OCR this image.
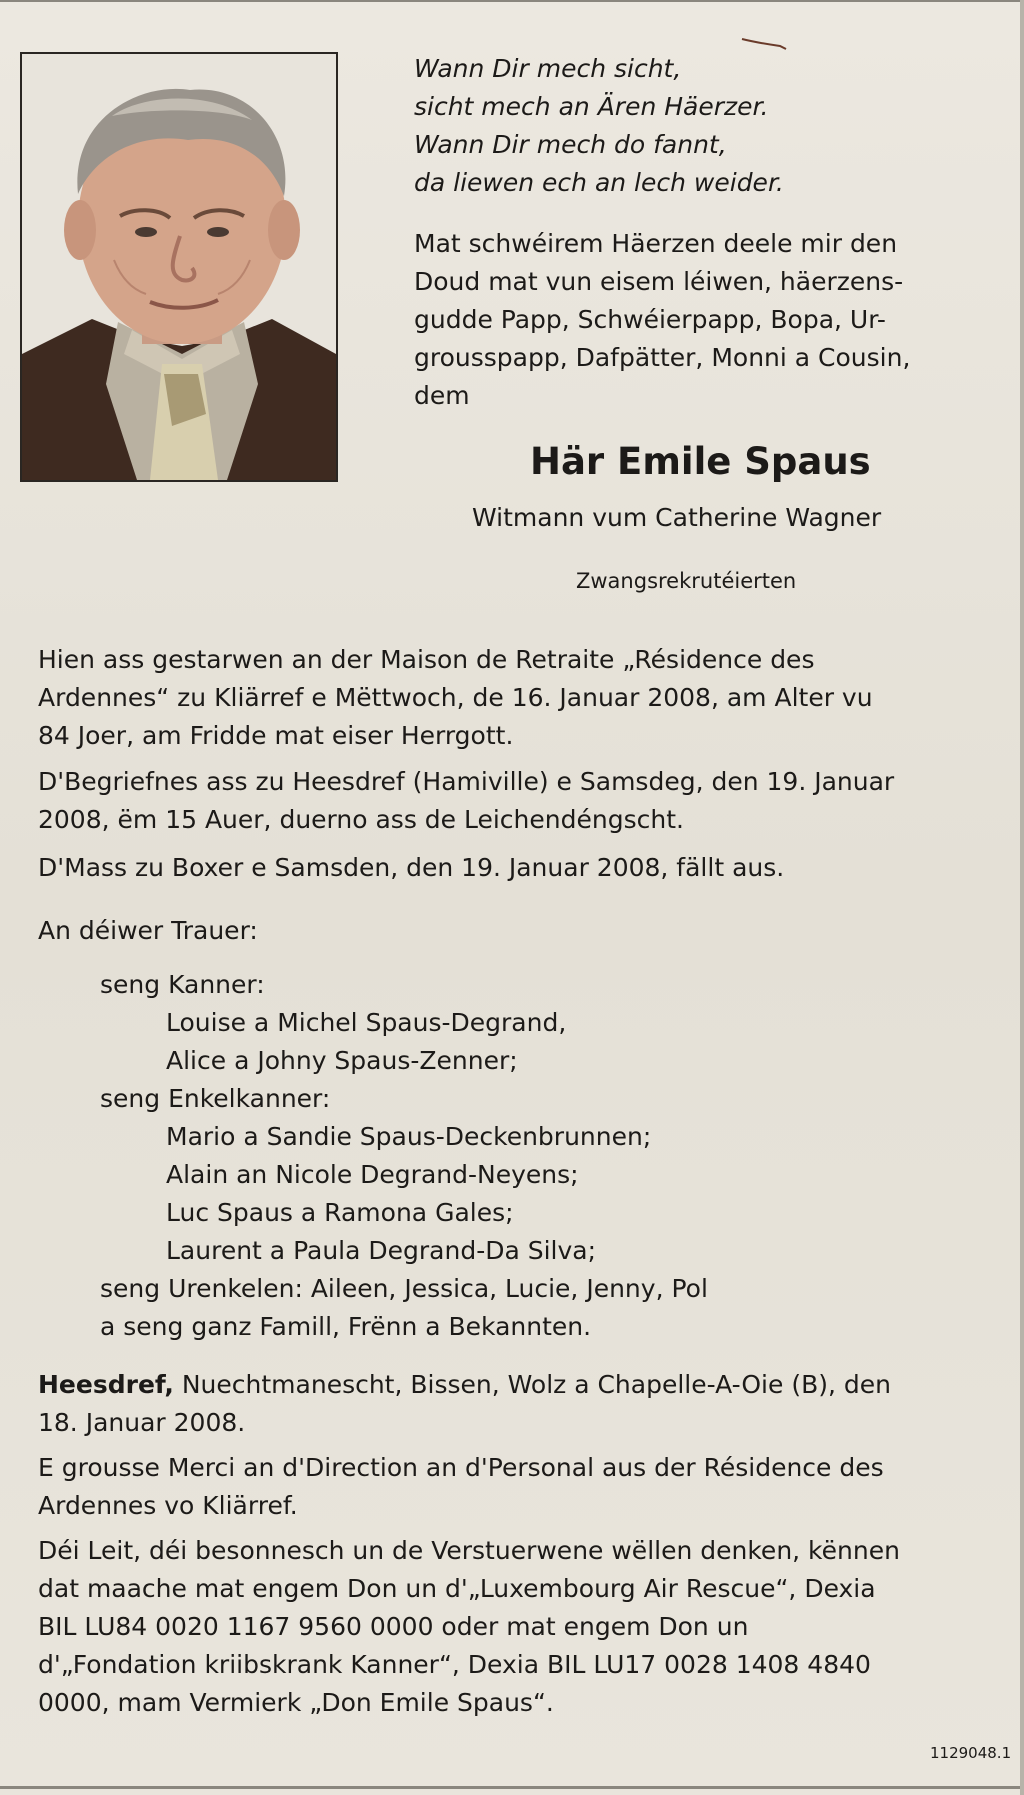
Wann Dir mech sicht,
sicht mech an Ären Häerzer.
Wann Dir mech do fannt,
da liewen ech an lech weider.
Mat schwéirem Häerzen deele mir den
Doud mat vun eisem léiwen, häerzens-
gudde Papp, Schwéierpapp, Bopa, Ur-
grousspapp, Dafpätter, Monni a Cousin,
dem
Här Emile Spaus
Witmann vum Catherine Wagner
Zwangsrekrutéierten
Hien ass gestarwen an der Maison de Retraite „Résidence des
Ardennes“ zu Kliärref e Mëttwoch, de 16. Januar 2008, am Alter vu
84 Joer, am Fridde mat eiser Herrgott.
D'Begriefnes ass zu Heesdref (Hamiville) e Samsdeg, den 19. Januar
2008, ëm 15 Auer, duerno ass de Leichendéngscht.
D'Mass zu Boxer e Samsden, den 19. Januar 2008, fällt aus.
An déiwer Trauer:
seng Kanner:
Louise a Michel Spaus-Degrand,
Alice a Johny Spaus-Zenner;
seng Enkelkanner:
Mario a Sandie Spaus-Deckenbrunnen;
Alain an Nicole Degrand-Neyens;
Luc Spaus a Ramona Gales;
Laurent a Paula Degrand-Da Silva;
seng Urenkelen: Aileen, Jessica, Lucie, Jenny, Pol
a seng ganz Famill, Frënn a Bekannten.
Heesdref, Nuechtmanescht, Bissen, Wolz a Chapelle-A-Oie (B), den
18. Januar 2008.
E grousse Merci an d'Direction an d'Personal aus der Résidence des
Ardennes vo Kliärref.
Déi Leit, déi besonnesch un de Verstuerwene wëllen denken, kënnen
dat maache mat engem Don un d'„Luxembourg Air Rescue“, Dexia
BIL LU84 0020 1167 9560 0000 oder mat engem Don un
d'„Fondation kriibskrank Kanner“, Dexia BIL LU17 0028 1408 4840
0000, mam Vermierk „Don Emile Spaus“.
1129048.1
